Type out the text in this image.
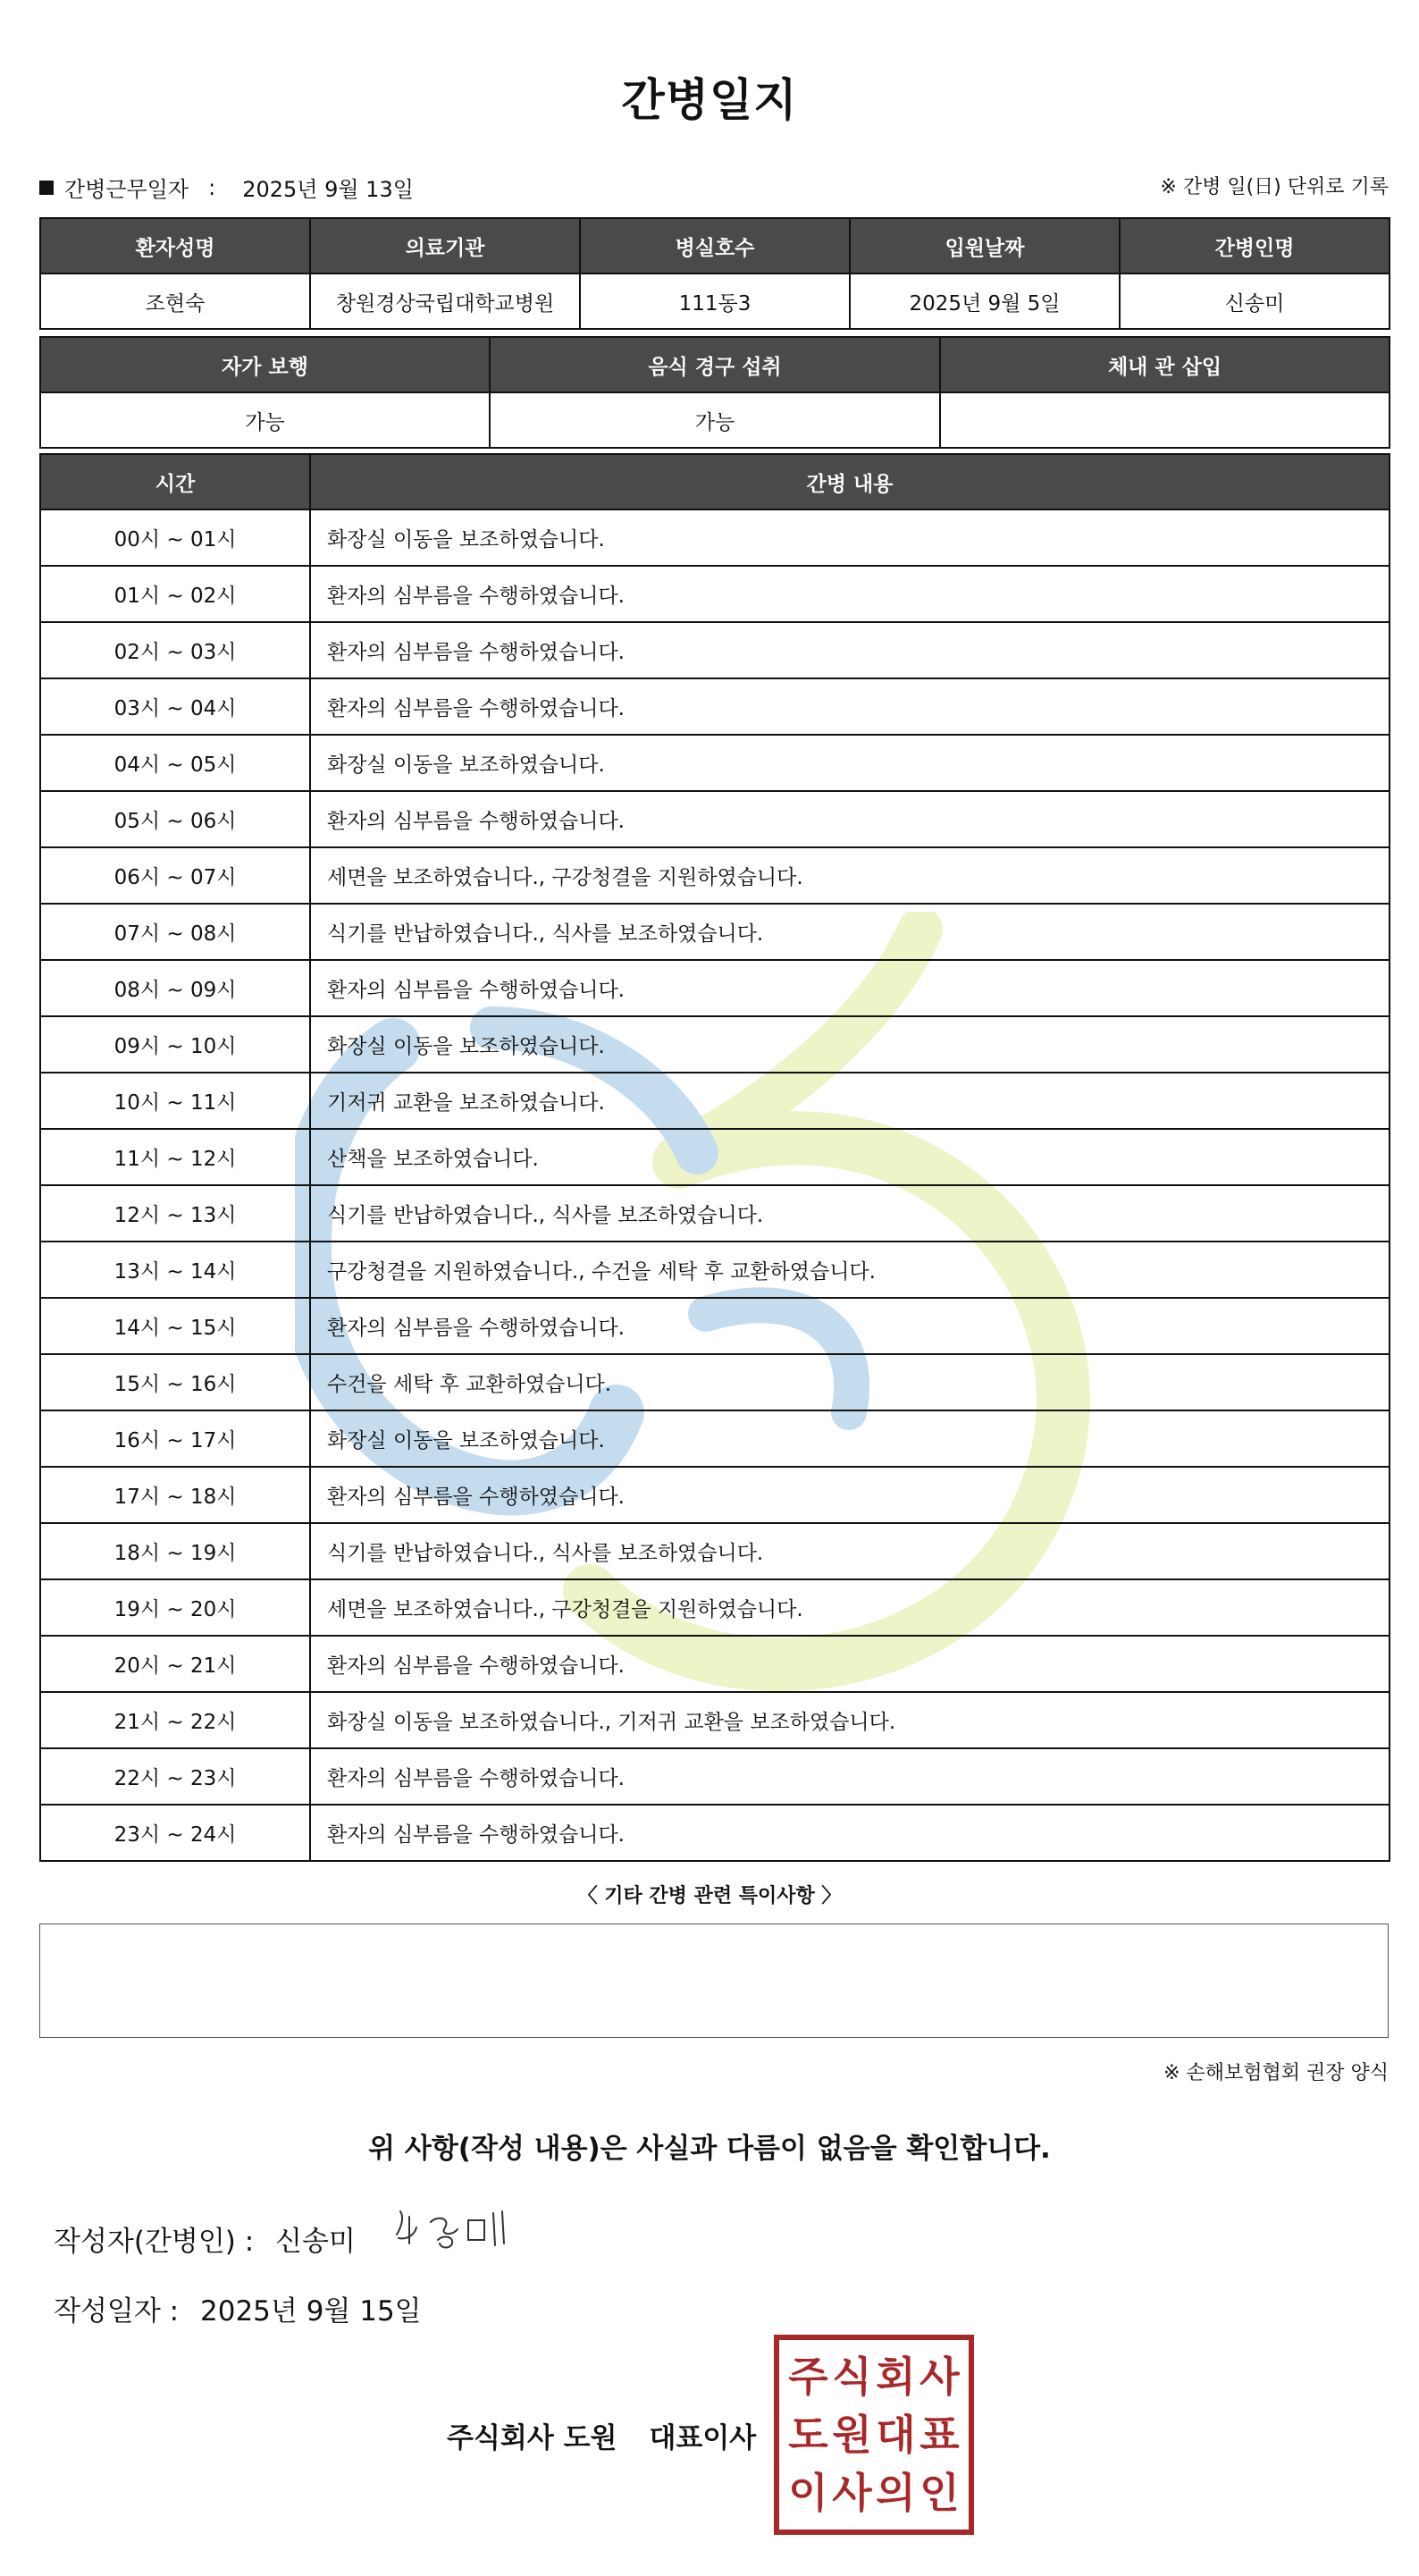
간병일지
간병근무일자 : 2025년 9월 13일	※ 간병 일(日) 단위로 기록
환자성명	의료기관	병실호수	입원날짜	간병인명
조현숙	창원경상국립대학교병원	111동3	2025년 9월 5일	신송미
자가 보행	음식 경구 섭취	체내 관 삽입
가능	가능	
시간	간병 내용
00시 ~ 01시	화장실 이동을 보조하였습니다.
01시 ~ 02시	환자의 심부름을 수행하였습니다.
02시 ~ 03시	환자의 심부름을 수행하였습니다.
03시 ~ 04시	환자의 심부름을 수행하였습니다.
04시 ~ 05시	화장실 이동을 보조하였습니다.
05시 ~ 06시	환자의 심부름을 수행하였습니다.
06시 ~ 07시	세면을 보조하였습니다., 구강청결을 지원하였습니다.
07시 ~ 08시	식기를 반납하였습니다., 식사를 보조하였습니다.
08시 ~ 09시	환자의 심부름을 수행하였습니다.
09시 ~ 10시	화장실 이동을 보조하였습니다.
10시 ~ 11시	기저귀 교환을 보조하였습니다.
11시 ~ 12시	산책을 보조하였습니다.
12시 ~ 13시	식기를 반납하였습니다., 식사를 보조하였습니다.
13시 ~ 14시	구강청결을 지원하였습니다., 수건을 세탁 후 교환하였습니다.
14시 ~ 15시	환자의 심부름을 수행하였습니다.
15시 ~ 16시	수건을 세탁 후 교환하였습니다.
16시 ~ 17시	화장실 이동을 보조하였습니다.
17시 ~ 18시	환자의 심부름을 수행하였습니다.
18시 ~ 19시	식기를 반납하였습니다., 식사를 보조하였습니다.
19시 ~ 20시	세면을 보조하였습니다., 구강청결을 지원하였습니다.
20시 ~ 21시	환자의 심부름을 수행하였습니다.
21시 ~ 22시	화장실 이동을 보조하였습니다., 기저귀 교환을 보조하였습니다.
22시 ~ 23시	환자의 심부름을 수행하였습니다.
23시 ~ 24시	환자의 심부름을 수행하였습니다.
〈 기타 간병 관련 특이사항 〉
※ 손해보험협회 권장 양식
위 사항(작성 내용)은 사실과 다름이 없음을 확인합니다.
작성자(간병인) : 신송미
작성일자 : 2025년 9월 15일
주식회사 도원 대표이사
주 식 회 사
도 원 대 표
이 사 의 인
